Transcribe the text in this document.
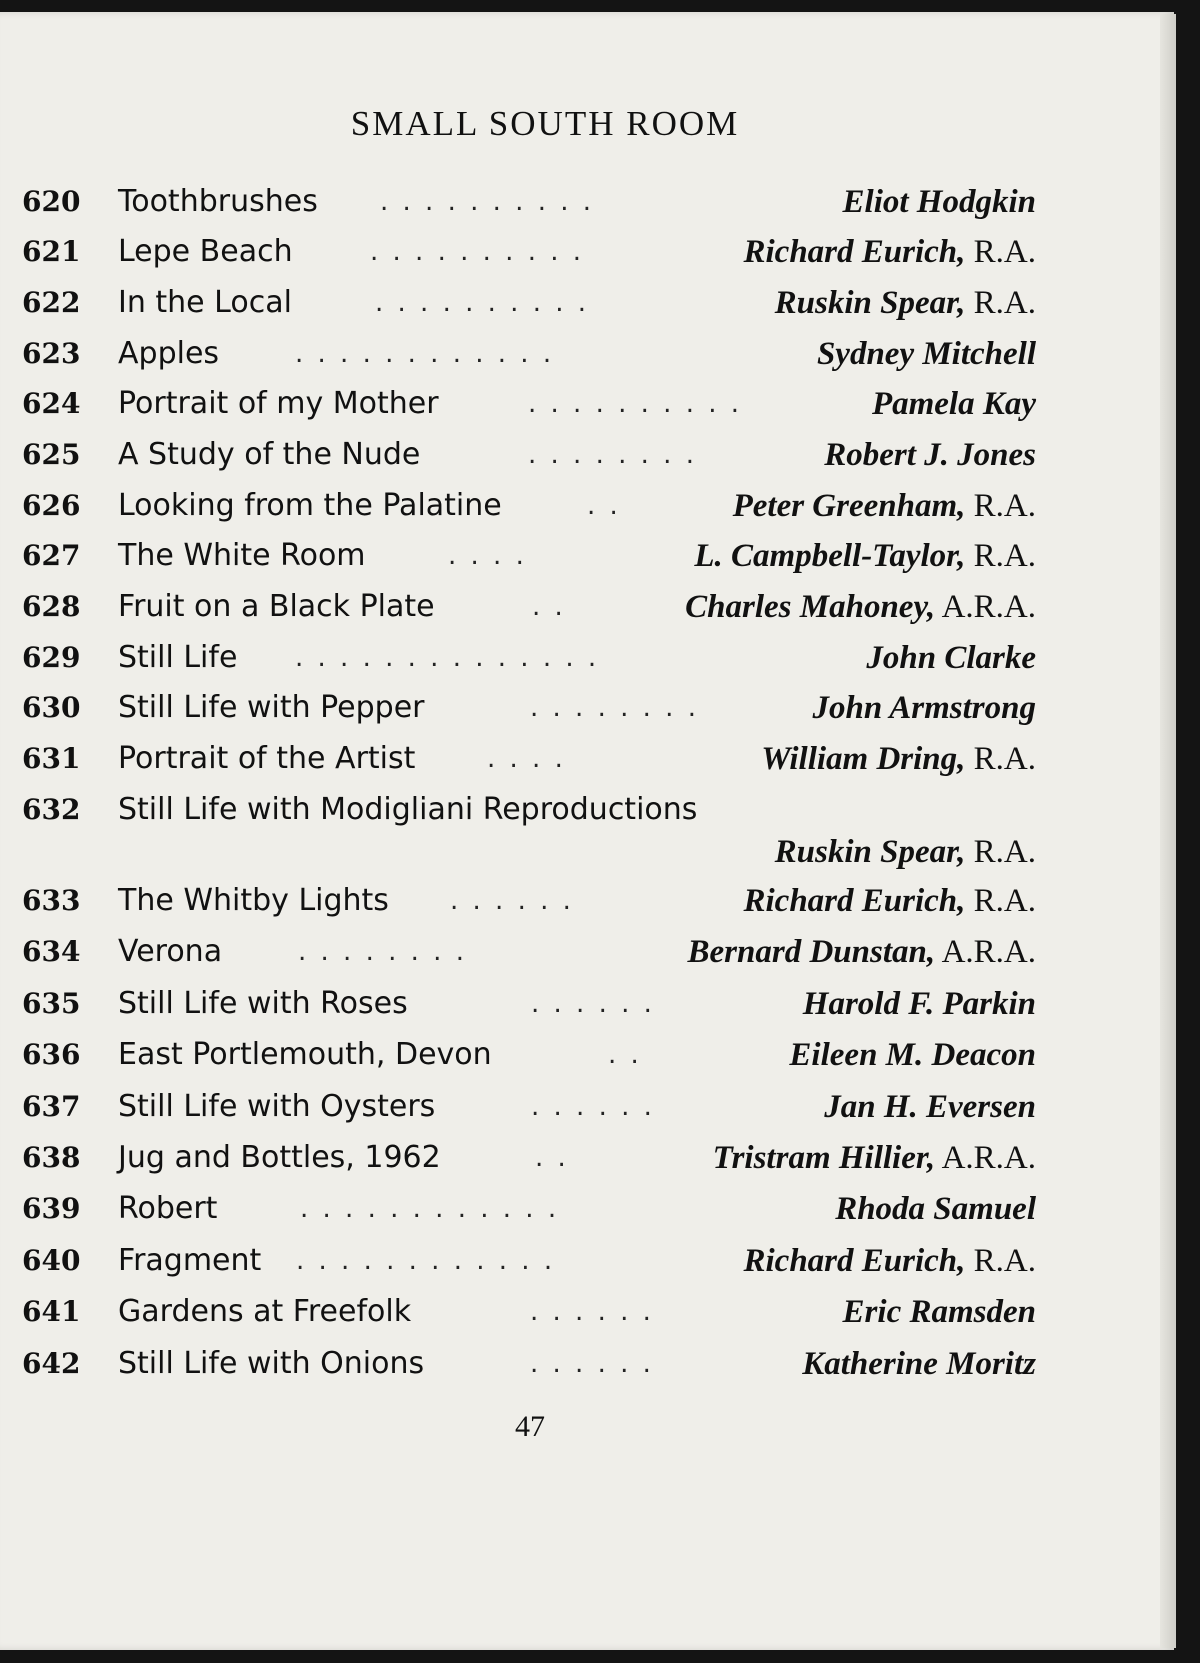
SMALL SOUTH ROOM
620 Toothbrushes . . . . . . . . . .	Eliot Hodgkin
621 Lepe Beach	. . . . . . . . . .	Richard Eurich, R.A.
622 In the Local	. . . . . . . . . .	Ruskin Spear, R.A.
623 Apples	. . . . . . . . . . . .	Sydney Mitchell
624 Portrait of my Mother	. . . . . . . . . .	Pamela Kay
625 A Study of the Nude	. . . . . . . .	Robert J. Jones
626 Looking from the Palatine	. .	Peter Greenham, R.A.
627 The White Room	. . . .	L. Campbell-Taylor, R.A.
628 Fruit on a Black Plate	. .	Charles Mahoney, A.R.A.
629 Still Life . . . . . . . . . . . . . .	John Clarke
630 Still Life with Pepper	. . . . . . . .	John Armstrong
631 Portrait of the Artist	. . . .	William Dring, R.A.
632 Still Life with Modigliani Reproductions
Ruskin Spear, R.A.
633 The Whitby Lights . . . . . .	Richard Eurich, R.A.
634 Verona	. . . . . . . .	Bernard Dunstan, A.R.A.
635 Still Life with Roses	. . . . . .	Harold F. Parkin
636 East Portlemouth, Devon	. .	Eileen M. Deacon
637 Still Life with Oysters	. . . . . .	Jan H. Eversen
638 Jug and Bottles, 1962	. .	Tristram Hillier, A.R.A.
639 Robert	. . . . . . . . . . . .	Rhoda Samuel
640 Fragment . . . . . . . . . . . .	Richard Eurich, R.A.
641 Gardens at Freefolk	. . . . . .	Eric Ramsden
642 Still Life with Onions	. . . . . .	Katherine Moritz
47
